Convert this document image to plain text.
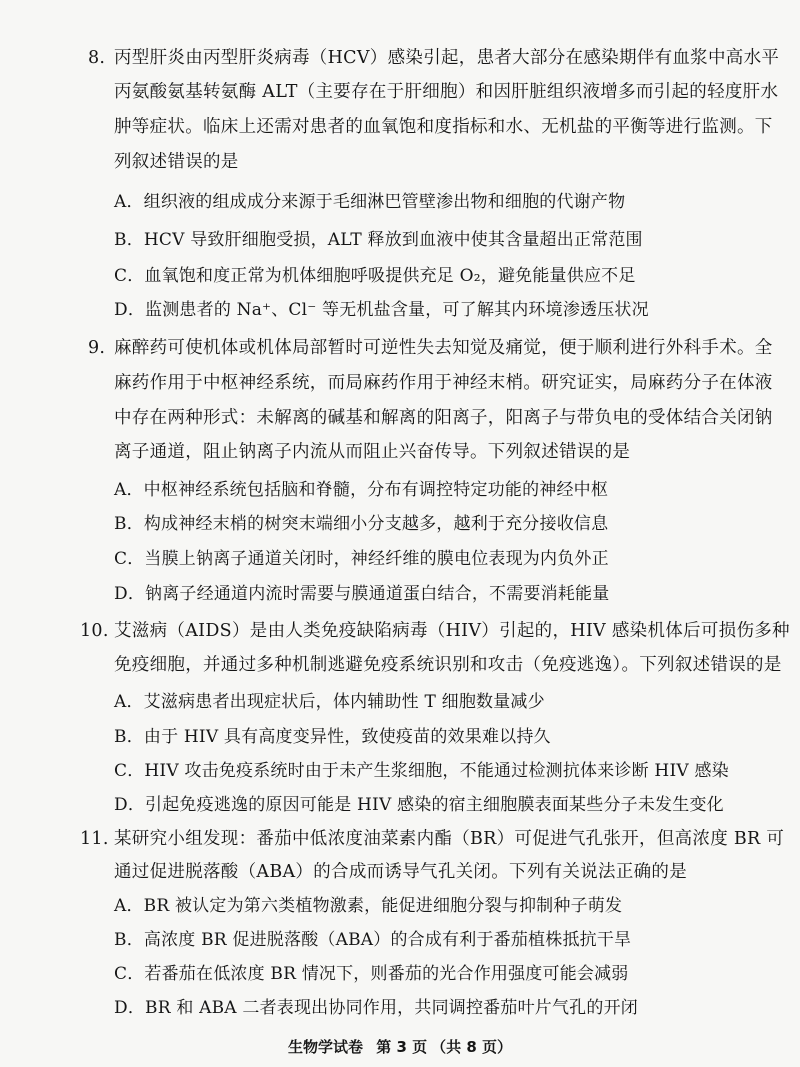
8. 丙型肝炎由丙型肝炎病毒（HCV）感染引起，患者大部分在感染期伴有血浆中高水平
丙氨酸氨基转氨酶 ALT（主要存在于肝细胞）和因肝脏组织液增多而引起的轻度肝水
肿等症状。临床上还需对患者的血氧饱和度指标和水、无机盐的平衡等进行监测。下
列叙述错误的是
A．组织液的组成成分来源于毛细淋巴管壁渗出物和细胞的代谢产物
B．HCV 导致肝细胞受损，ALT 释放到血液中使其含量超出正常范围
C．血氧饱和度正常为机体细胞呼吸提供充足 O₂，避免能量供应不足
D．监测患者的 Na⁺、Cl⁻ 等无机盐含量，可了解其内环境渗透压状况
9. 麻醉药可使机体或机体局部暂时可逆性失去知觉及痛觉，便于顺利进行外科手术。全
麻药作用于中枢神经系统，而局麻药作用于神经末梢。研究证实，局麻药分子在体液
中存在两种形式：未解离的碱基和解离的阳离子，阳离子与带负电的受体结合关闭钠
离子通道，阻止钠离子内流从而阻止兴奋传导。下列叙述错误的是
A．中枢神经系统包括脑和脊髓，分布有调控特定功能的神经中枢
B．构成神经末梢的树突末端细小分支越多，越利于充分接收信息
C．当膜上钠离子通道关闭时，神经纤维的膜电位表现为内负外正
D．钠离子经通道内流时需要与膜通道蛋白结合，不需要消耗能量
10. 艾滋病（AIDS）是由人类免疫缺陷病毒（HIV）引起的，HIV 感染机体后可损伤多种
免疫细胞，并通过多种机制逃避免疫系统识别和攻击（免疫逃逸）。下列叙述错误的是
A．艾滋病患者出现症状后，体内辅助性 T 细胞数量减少
B．由于 HIV 具有高度变异性，致使疫苗的效果难以持久
C．HIV 攻击免疫系统时由于未产生浆细胞，不能通过检测抗体来诊断 HIV 感染
D．引起免疫逃逸的原因可能是 HIV 感染的宿主细胞膜表面某些分子未发生变化
11. 某研究小组发现：番茄中低浓度油菜素内酯（BR）可促进气孔张开，但高浓度 BR 可
通过促进脱落酸（ABA）的合成而诱导气孔关闭。下列有关说法正确的是
A．BR 被认定为第六类植物激素，能促进细胞分裂与抑制种子萌发
B．高浓度 BR 促进脱落酸（ABA）的合成有利于番茄植株抵抗干旱
C．若番茄在低浓度 BR 情况下，则番茄的光合作用强度可能会减弱
D．BR 和 ABA 二者表现出协同作用，共同调控番茄叶片气孔的开闭
生物学试卷 第 3 页 （共 8 页）
